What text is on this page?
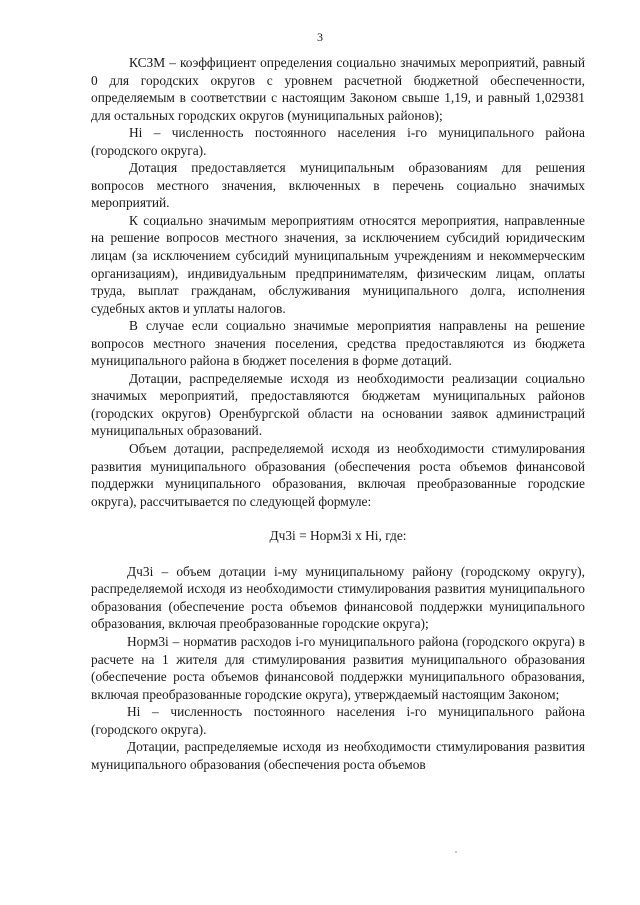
3

КСЗМ – коэффициент определения социально значимых мероприятий, равный 0 для городских округов с уровнем расчетной бюджетной обеспеченности, определяемым в соответствии с настоящим Законом свыше 1,19, и равный 1,029381 для остальных городских округов (муниципальных районов);

Нi – численность постоянного населения i-го муниципального района (городского округа).

Дотация предоставляется муниципальным образованиям для решения вопросов местного значения, включенных в перечень социально значимых мероприятий.

К социально значимым мероприятиям относятся мероприятия, направленные на решение вопросов местного значения, за исключением субсидий юридическим лицам (за исключением субсидий муниципальным учреждениям и некоммерческим организациям), индивидуальным предпринимателям, физическим лицам, оплаты труда, выплат гражданам, обслуживания муниципального долга, исполнения судебных актов и уплаты налогов.

В случае если социально значимые мероприятия направлены на решение вопросов местного значения поселения, средства предоставляются из бюджета муниципального района в бюджет поселения в форме дотаций.

Дотации, распределяемые исходя из необходимости реализации социально значимых мероприятий, предоставляются бюджетам муниципальных районов (городских округов) Оренбургской области на основании заявок администраций муниципальных образований.

Объем дотации, распределяемой исходя из необходимости стимулирования развития муниципального образования (обеспечения роста объемов финансовой поддержки муниципального образования, включая преобразованные городские округа), рассчитывается по следующей формуле:

Дч3i = Норм3i х Нi, где:

Дч3i – объем дотации i-му муниципальному району (городскому округу), распределяемой исходя из необходимости стимулирования развития муниципального образования (обеспечение роста объемов финансовой поддержки муниципального образования, включая преобразованные городские округа);

Норм3i – норматив расходов i-го муниципального района (городского округа) в расчете на 1 жителя для стимулирования развития муниципального образования (обеспечение роста объемов финансовой поддержки муниципального образования, включая преобразованные городские округа), утверждаемый настоящим Законом;

Нi – численность постоянного населения i-го муниципального района (городского округа).

Дотации, распределяемые исходя из необходимости стимулирования развития муниципального образования (обеспечения роста объемов
